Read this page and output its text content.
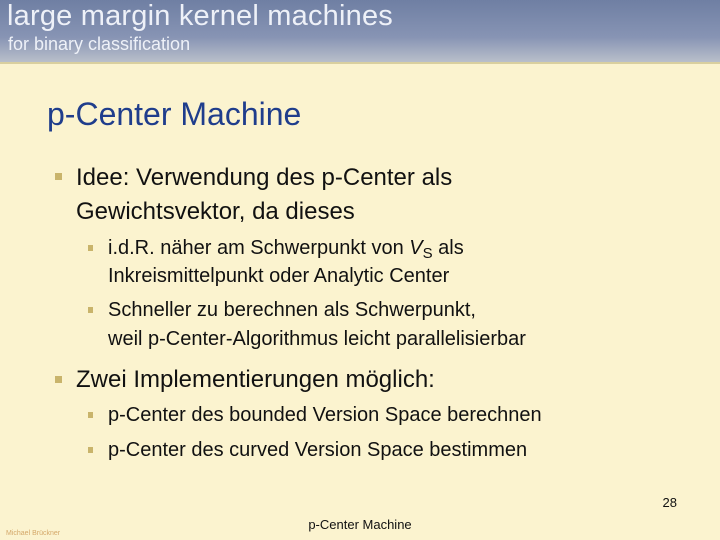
large margin kernel machines
for binary classification
p-Center Machine
Idee: Verwendung des p-Center als
Gewichtsvektor, da dieses
i.d.R. näher am Schwerpunkt von $V_S$ als
Inkreismittelpunkt oder Analytic Center
Schneller zu berechnen als Schwerpunkt,
weil p-Center-Algorithmus leicht parallelisierbar
Zwei Implementierungen möglich:
p-Center des bounded Version Space berechnen
p-Center des curved Version Space bestimmen
28
p-Center Machine
Michael Brückner
